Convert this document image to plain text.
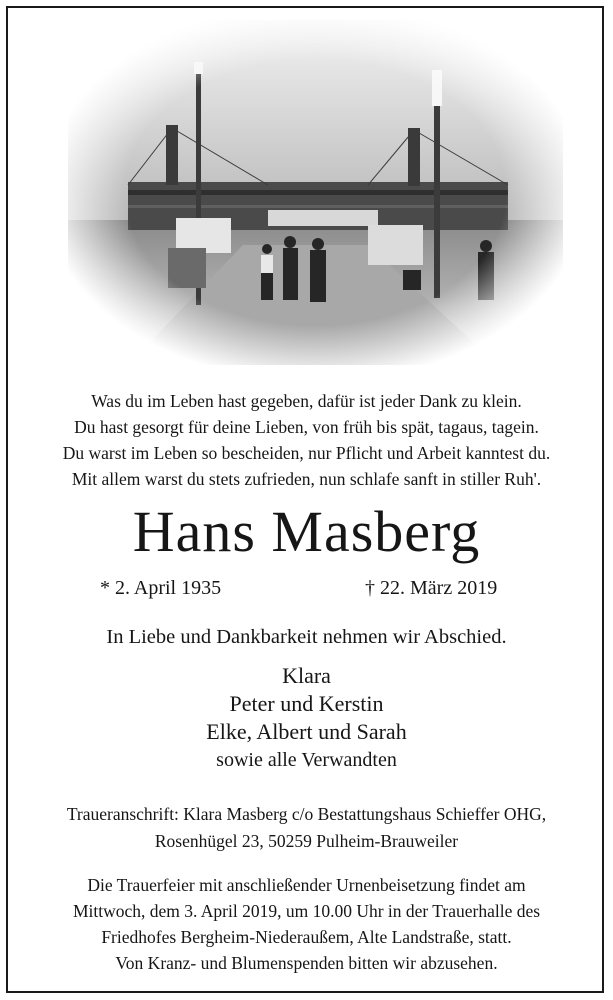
Was du im Leben hast gegeben, dafür ist jeder Dank zu klein.
Du hast gesorgt für deine Lieben, von früh bis spät, tagaus, tagein.
Du warst im Leben so bescheiden, nur Pflicht und Arbeit kanntest du.
Mit allem warst du stets zufrieden, nun schlafe sanft in stiller Ruh'.
Hans Masberg
* 2. April 1935	† 22. März 2019
In Liebe und Dankbarkeit nehmen wir Abschied.
Klara
Peter und Kerstin
Elke, Albert und Sarah
sowie alle Verwandten
Traueranschrift: Klara Masberg c/o Bestattungshaus Schieffer OHG,
Rosenhügel 23, 50259 Pulheim-Brauweiler
Die Trauerfeier mit anschließender Urnenbeisetzung findet am
Mittwoch, dem 3. April 2019, um 10.00 Uhr in der Trauerhalle des
Friedhofes Bergheim-Niederaußem, Alte Landstraße, statt.
Von Kranz- und Blumenspenden bitten wir abzusehen.
